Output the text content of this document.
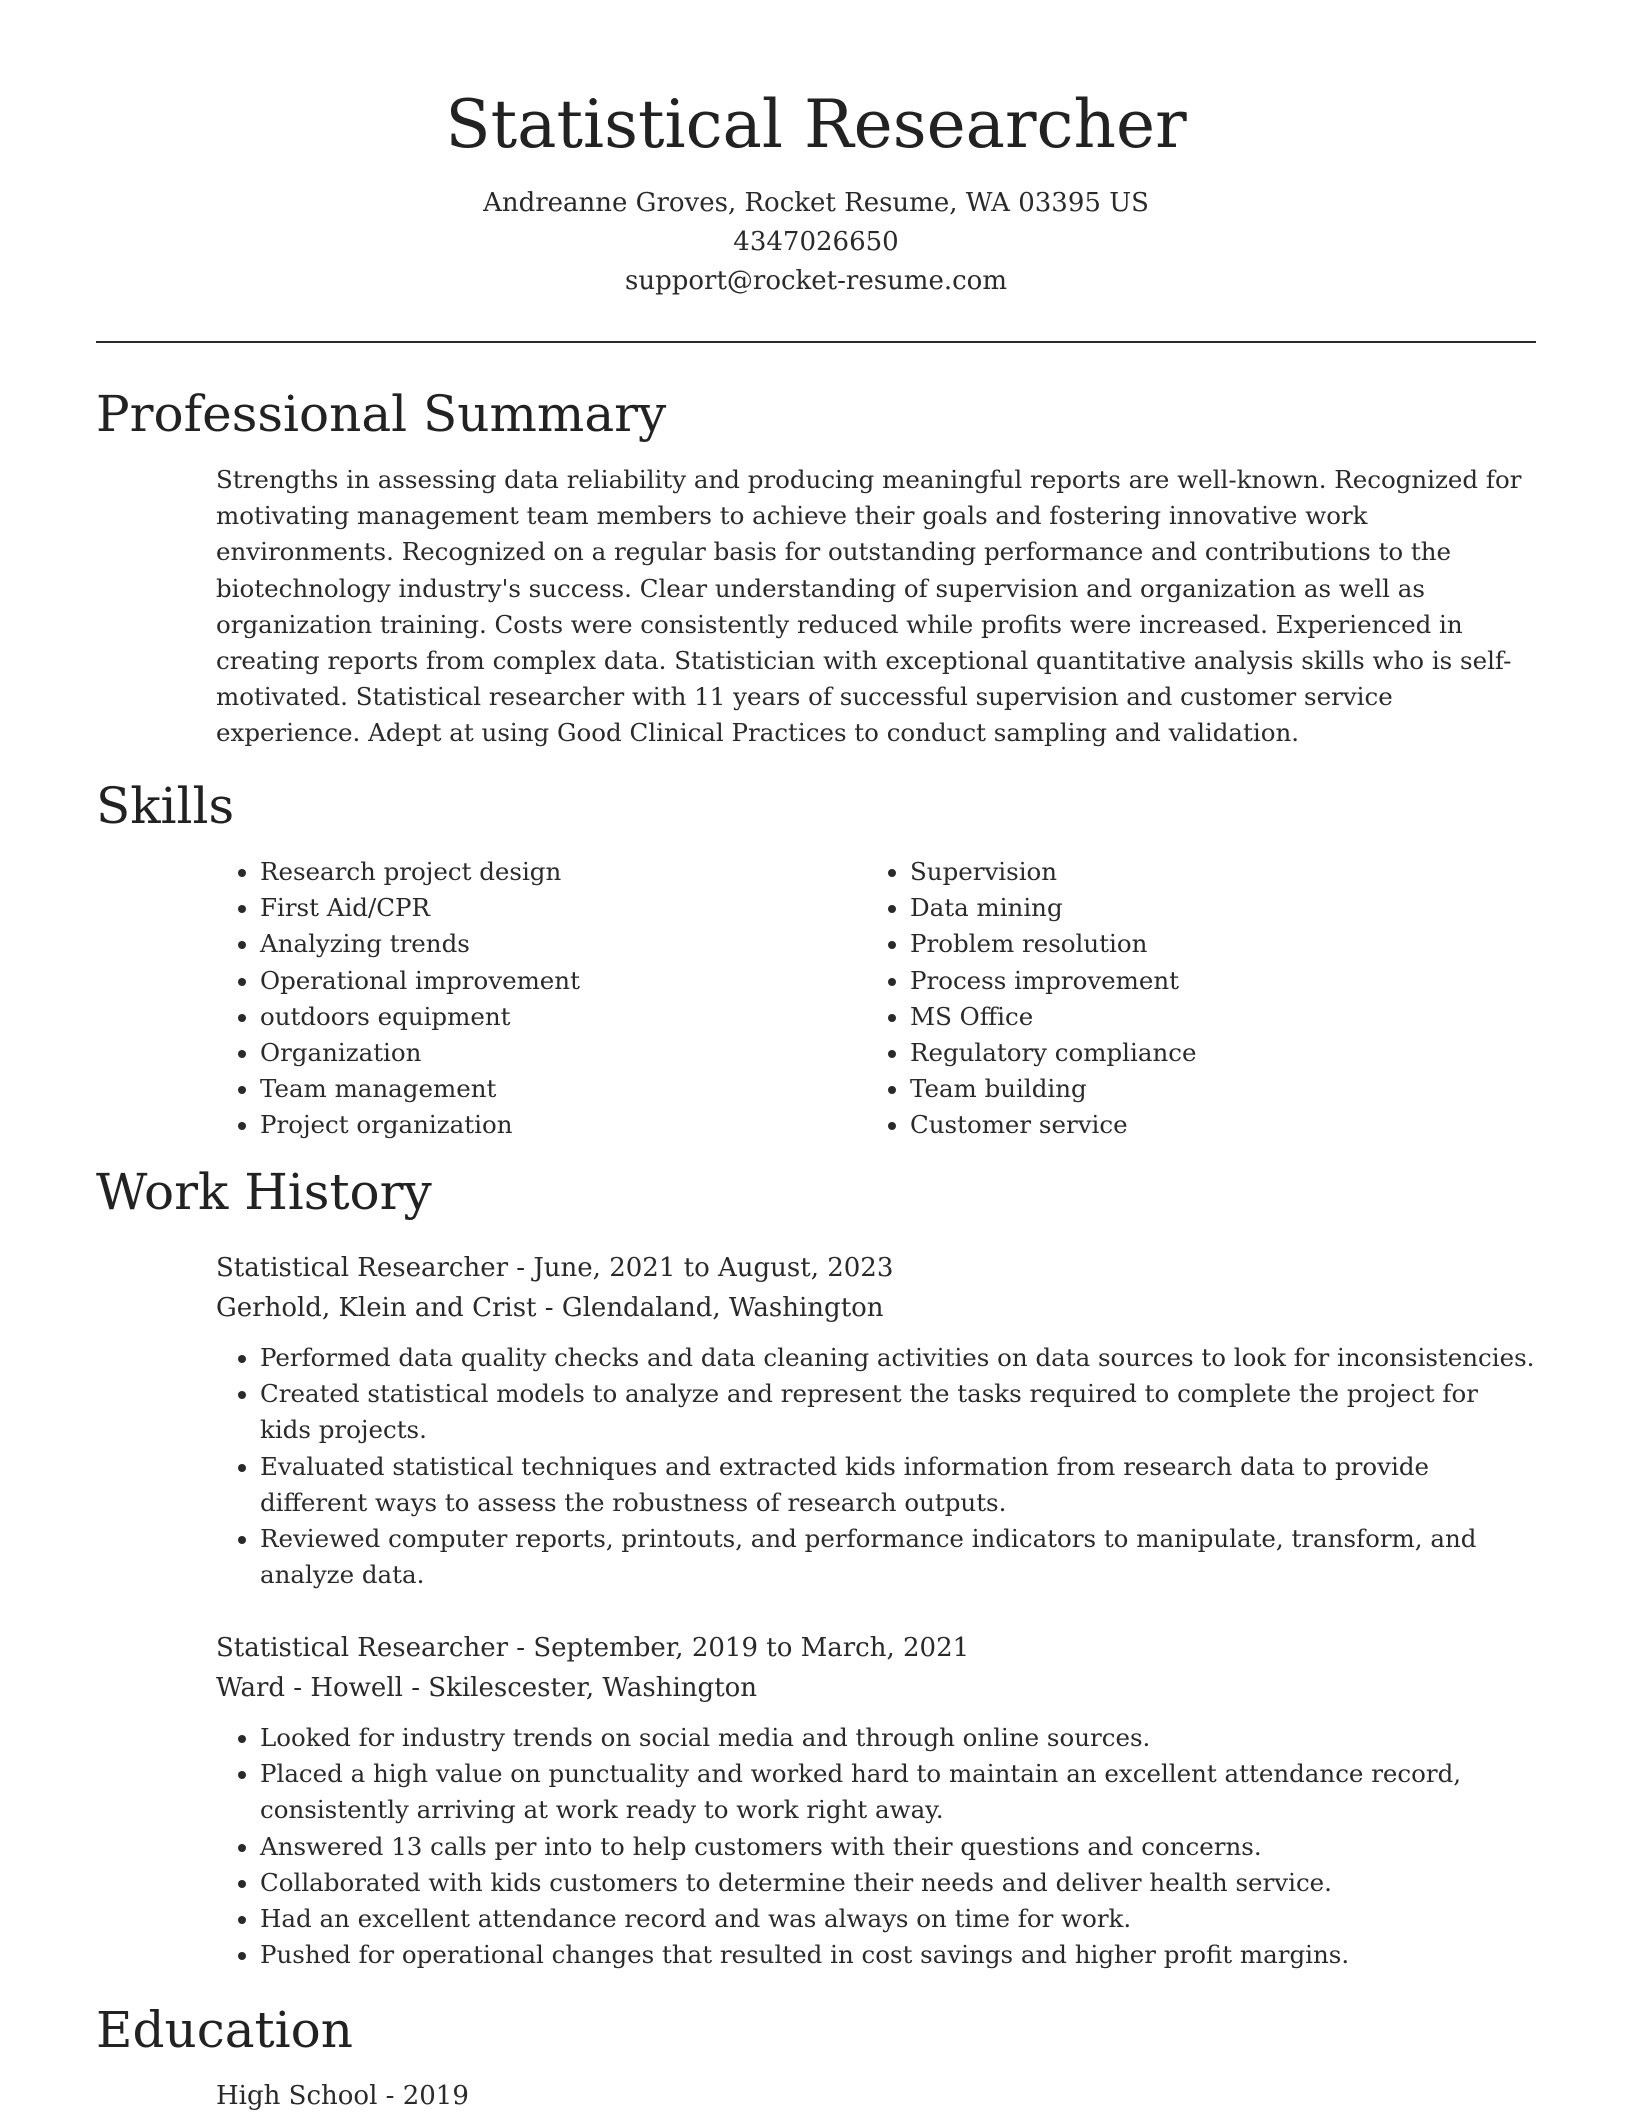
Statistical Researcher
Andreanne Groves, Rocket Resume, WA 03395 US
4347026650
support@rocket-resume.com
Professional Summary
Strengths in assessing data reliability and producing meaningful reports are well-known. Recognized for motivating management team members to achieve their goals and fostering innovative work environments. Recognized on a regular basis for outstanding performance and contributions to the biotechnology industry's success. Clear understanding of supervision and organization as well as organization training. Costs were consistently reduced while profits were increased. Experienced in creating reports from complex data. Statistician with exceptional quantitative analysis skills who is self-motivated. Statistical researcher with 11 years of successful supervision and customer service experience. Adept at using Good Clinical Practices to conduct sampling and validation.
Skills
• Research project design
• First Aid/CPR
• Analyzing trends
• Operational improvement
• outdoors equipment
• Organization
• Team management
• Project organization
• Supervision
• Data mining
• Problem resolution
• Process improvement
• MS Office
• Regulatory compliance
• Team building
• Customer service
Work History
Statistical Researcher - June, 2021 to August, 2023
Gerhold, Klein and Crist - Glendaland, Washington
• Performed data quality checks and data cleaning activities on data sources to look for inconsistencies.
• Created statistical models to analyze and represent the tasks required to complete the project for kids projects.
• Evaluated statistical techniques and extracted kids information from research data to provide different ways to assess the robustness of research outputs.
• Reviewed computer reports, printouts, and performance indicators to manipulate, transform, and analyze data.
Statistical Researcher - September, 2019 to March, 2021
Ward - Howell - Skilescester, Washington
• Looked for industry trends on social media and through online sources.
• Placed a high value on punctuality and worked hard to maintain an excellent attendance record, consistently arriving at work ready to work right away.
• Answered 13 calls per into to help customers with their questions and concerns.
• Collaborated with kids customers to determine their needs and deliver health service.
• Had an excellent attendance record and was always on time for work.
• Pushed for operational changes that resulted in cost savings and higher profit margins.
Education
High School - 2019
